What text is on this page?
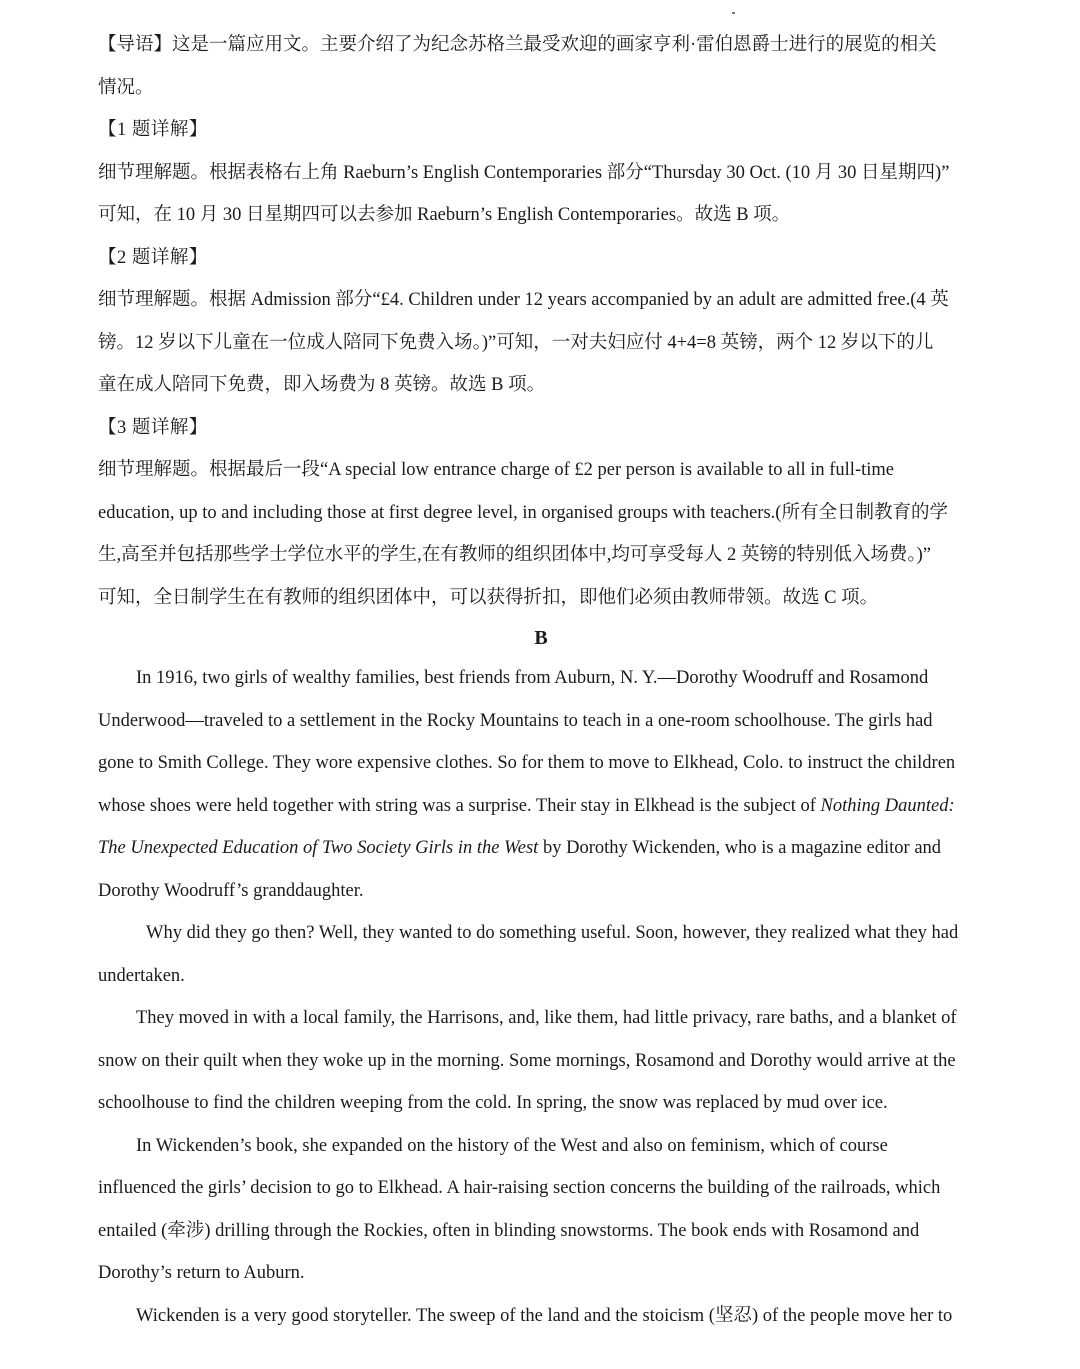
【导语】这是一篇应用文。主要介绍了为纪念苏格兰最受欢迎的画家亨利·雷伯恩爵士进行的展览的相关
情况。
【1 题详解】
细节理解题。根据表格右上角 Raeburn’s English Contemporaries 部分“Thursday 30 Oct. (10 月 30 日星期四)”
可知，在 10 月 30 日星期四可以去参加 Raeburn’s English Contemporaries。故选 B 项。
【2 题详解】
细节理解题。根据 Admission 部分“£4. Children under 12 years accompanied by an adult are admitted free.(4 英
镑。12 岁以下儿童在一位成人陪同下免费入场。)”可知，一对夫妇应付 4+4=8 英镑，两个 12 岁以下的儿
童在成人陪同下免费，即入场费为 8 英镑。故选 B 项。
【3 题详解】
细节理解题。根据最后一段“A special low entrance charge of £2 per person is available to all in full-time
education, up to and including those at first degree level, in organised groups with teachers.(所有全日制教育的学
生,高至并包括那些学士学位水平的学生,在有教师的组织团体中,均可享受每人 2 英镑的特别低入场费。)”
可知，全日制学生在有教师的组织团体中，可以获得折扣，即他们必须由教师带领。故选 C 项。
B
In 1916, two girls of wealthy families, best friends from Auburn, N. Y.—Dorothy Woodruff and Rosamond
Underwood—traveled to a settlement in the Rocky Mountains to teach in a one-room schoolhouse. The girls had
gone to Smith College. They wore expensive clothes. So for them to move to Elkhead, Colo. to instruct the children
whose shoes were held together with string was a surprise. Their stay in Elkhead is the subject of Nothing Daunted:
The Unexpected Education of Two Society Girls in the West by Dorothy Wickenden, who is a magazine editor and
Dorothy Woodruff’s granddaughter.
Why did they go then? Well, they wanted to do something useful. Soon, however, they realized what they had
undertaken.
They moved in with a local family, the Harrisons, and, like them, had little privacy, rare baths, and a blanket of
snow on their quilt when they woke up in the morning. Some mornings, Rosamond and Dorothy would arrive at the
schoolhouse to find the children weeping from the cold. In spring, the snow was replaced by mud over ice.
In Wickenden’s book, she expanded on the history of the West and also on feminism, which of course
influenced the girls’ decision to go to Elkhead. A hair-raising section concerns the building of the railroads, which
entailed (牵涉) drilling through the Rockies, often in blinding snowstorms. The book ends with Rosamond and
Dorothy’s return to Auburn.
Wickenden is a very good storyteller. The sweep of the land and the stoicism (坚忍) of the people move her to
